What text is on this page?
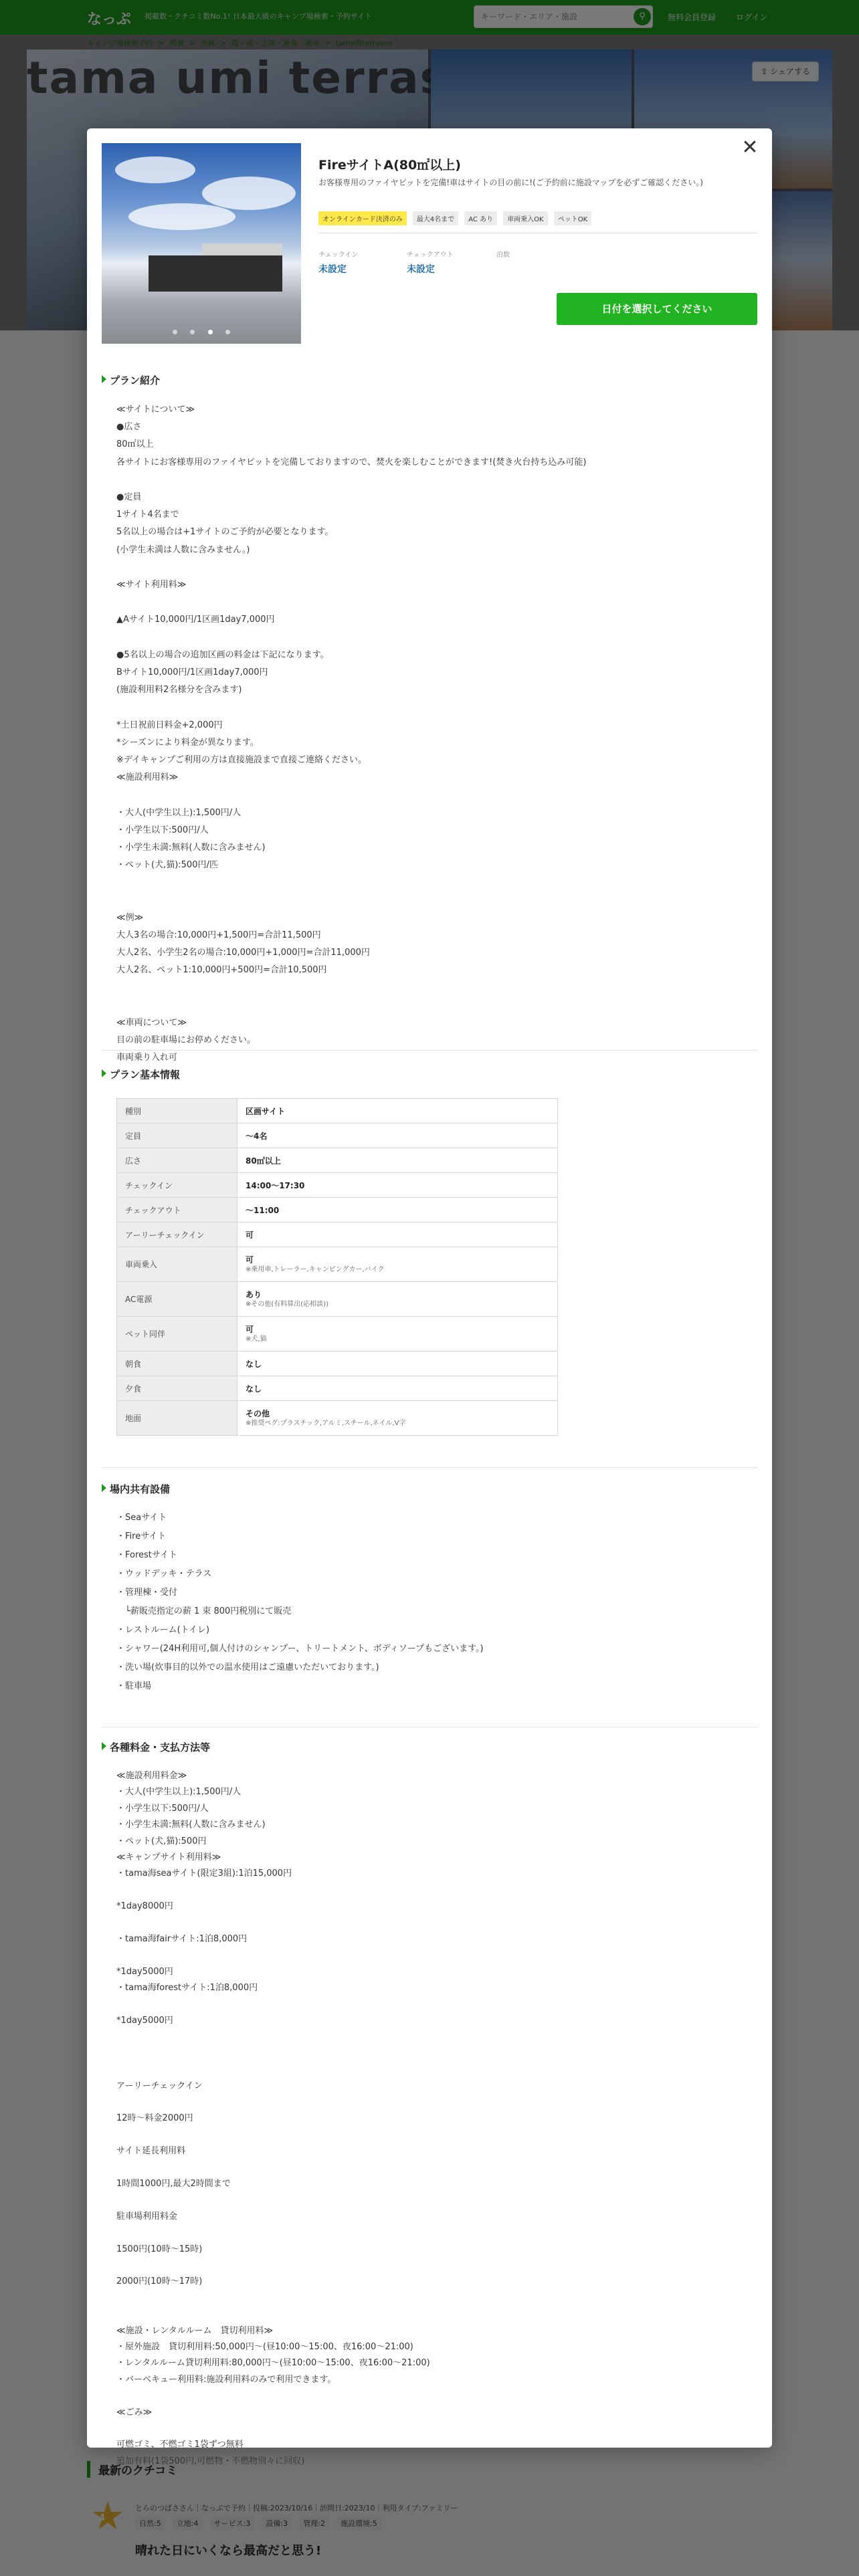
キーワード・エリア・施設

✕

FireサイトA(80㎡以上)
お客様専用のファイヤピットを完備!車はサイトの目の前に!(ご予約前に施設マップを必ずご確認ください。)
オンラインカード決済のみ 最大4名まで AC あり 車両乗入OK ペットOK
チェックイン
未設定
チェックアウト
未設定
泊数
日付を選択してください
プラン紹介

≪サイトについて≫

●広さ

80㎡以上

各サイトにお客様専用のファイヤピットを完備しておりますので、焚火を楽しむことができます!(焚き火台持ち込み可能)

●定員

1サイト4名まで

5名以上の場合は+1サイトのご予約が必要となります。

(小学生未満は人数に含みません。)

≪サイト利用料≫

▲Aサイト10,000円/1区画1day7,000円

●5名以上の場合の追加区画の料金は下記になります。

Bサイト10,000円/1区画1day7,000円

(施設利用料2名様分を含みます)

*土日祝前日料金+2,000円

*シーズンにより料金が異なります。

※デイキャンプご利用の方は直接施設まで直接ご連絡ください。

≪施設利用料≫

・大人(中学生以上):1,500円/人

・小学生以下:500円/人

・小学生未満:無料(人数に含みません)

・ペット(犬,猫):500円/匹

≪例≫

大人3名の場合:10,000円+1,500円=合計11,500円

大人2名、小学生2名の場合:10,000円+1,000円=合計11,000円

大人2名、ペット1:10,000円+500円=合計10,500円

≪車両について≫

目の前の駐車場にお停めください。

車両乗り入れ可

プラン基本情報
種別	区画サイト
定員	〜4名
広さ	80㎡以上
チェックイン	14:00〜17:30
チェックアウト	〜11:00
アーリーチェックイン	可
車両乗入	可
※乗用車,トレーラー,キャンピングカー,バイク

AC電源	あり
※その他(有料算出(応相談))

ペット同伴	可
※犬,猫

朝食	なし
夕食	なし
地面	その他
※推奨ペグ:プラスチック,アルミ,スチール,ネイル,V字
場内共有設備

・Seaサイト

・Fireサイト

・Forestサイト

・ウッドデッキ・テラス

・管理棟・受付

　└薪販売指定の薪 1 束 800円税別にて販売

・レストルーム(トイレ)

・シャワー(24H利用可,個人付けのシャンプー、トリートメント、ボディソープもございます。)

・洗い場(炊事目的以外での温水使用はご遠慮いただいております。)

・駐車場

各種料金・支払方法等

≪施設利用料金≫

・大人(中学生以上):1,500円/人

・小学生以下:500円/人

・小学生未満:無料(人数に含みません)

・ペット(犬,猫):500円

≪キャンプサイト利用料≫

・tama海seaサイト(限定3組):1泊15,000円

*1day8000円

・tama海fairサイト:1泊8,000円

*1day5000円

・tama海forestサイト:1泊8,000円

*1day5000円

アーリーチェックイン

12時〜料金2000円

サイト延長利用料

1時間1000円,最大2時間まで

駐車場利用料金

1500円(10時〜15時)

2000円(10時〜17時)

≪施設・レンタルルーム　貸切利用料≫

・屋外施設　貸切利用料:50,000円〜(昼10:00〜15:00、夜16:00〜21:00)

・レンタルルーム貸切利用料:80,000円〜(昼10:00〜15:00、夜16:00〜21:00)

・バーベキュー利用料:施設利用料のみで利用できます。

≪ごみ≫

可燃ゴミ、不燃ゴミ1袋ずつ無料

追加有料(1袋500円,可燃物・不燃物別々に回収)
